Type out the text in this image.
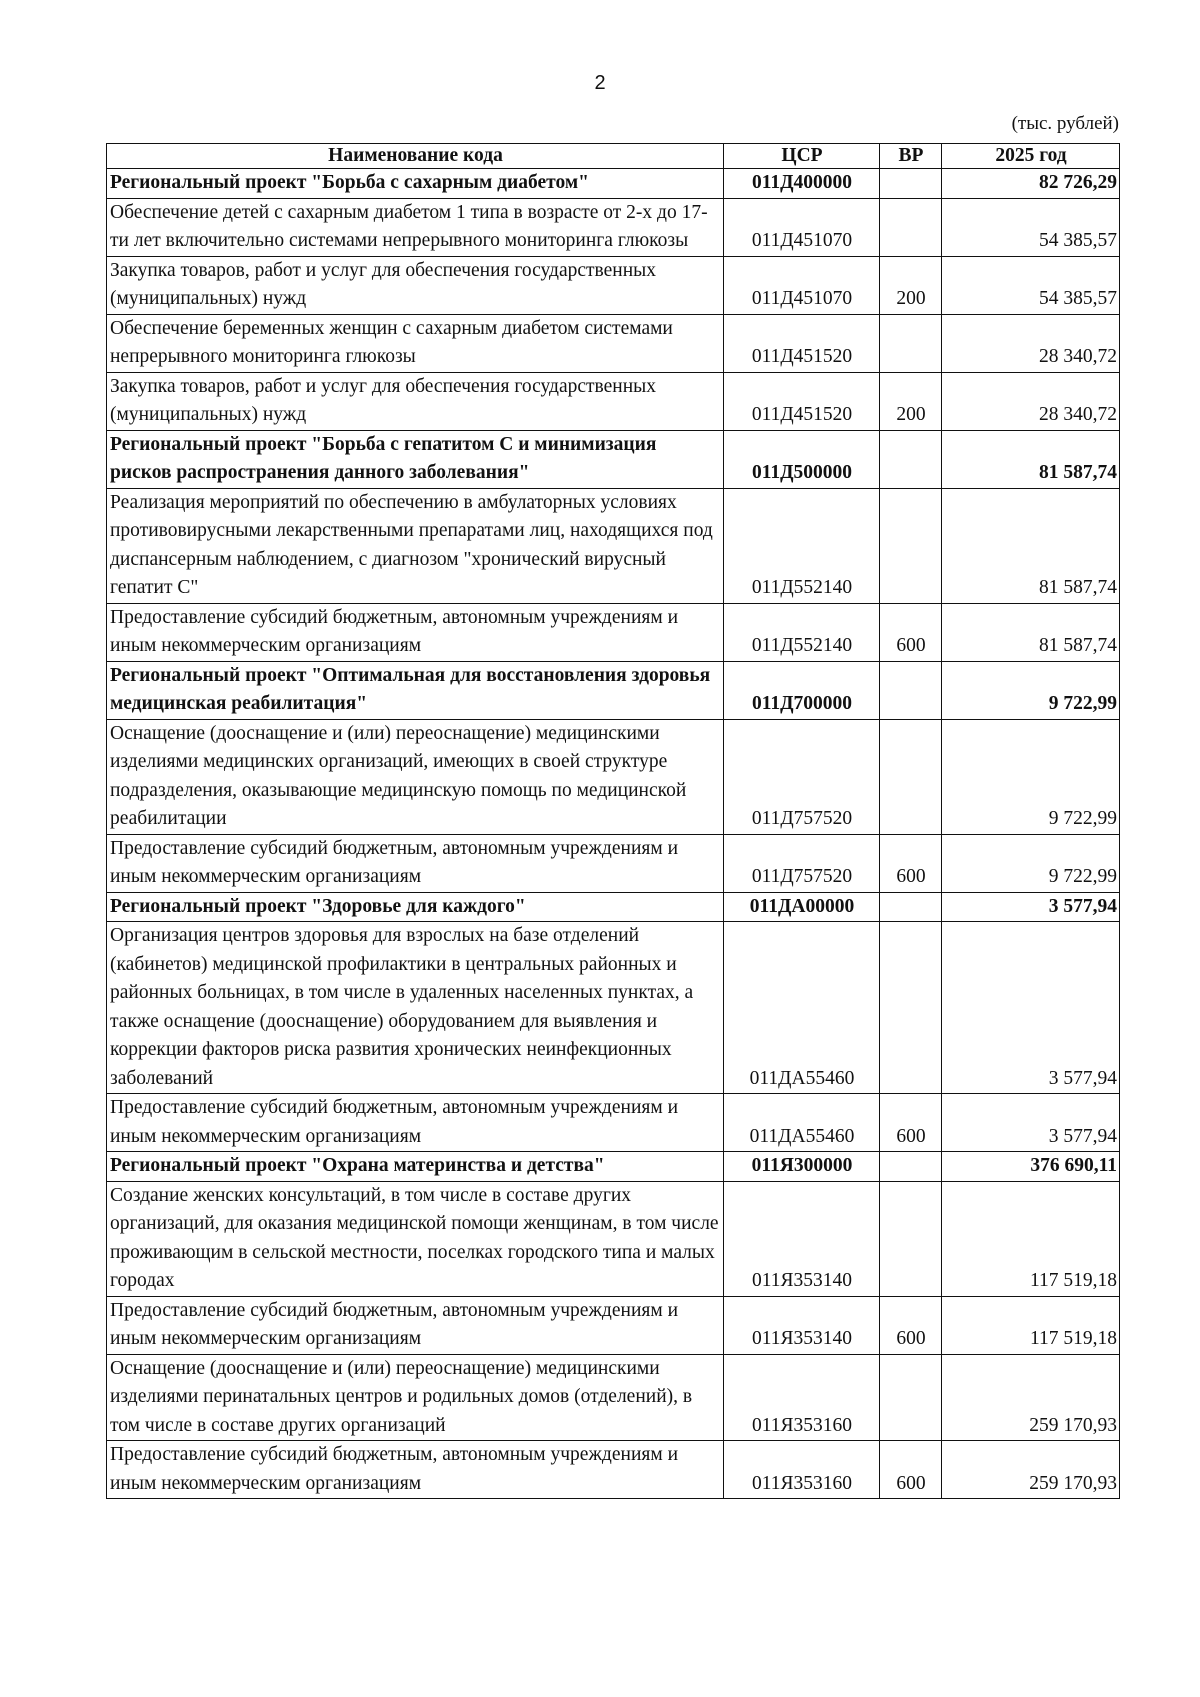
2
(тыс. рублей)
Наименование кода	ЦСР	ВР	2025 год
Региональный проект "Борьба с сахарным диабетом"	011Д400000		82 726,29
Обеспечение детей с сахарным диабетом 1 типа в возрасте от 2-х до 17-ти лет включительно системами непрерывного мониторинга глюкозы	011Д451070		54 385,57
Закупка товаров, работ и услуг для обеспечения государственных (муниципальных) нужд	011Д451070	200	54 385,57
Обеспечение беременных женщин с сахарным диабетом системами непрерывного мониторинга глюкозы	011Д451520		28 340,72
Закупка товаров, работ и услуг для обеспечения государственных (муниципальных) нужд	011Д451520	200	28 340,72
Региональный проект "Борьба с гепатитом С и минимизация рисков распространения данного заболевания"	011Д500000		81 587,74
Реализация мероприятий по обеспечению в амбулаторных условиях противовирусными лекарственными препаратами лиц, находящихся под диспансерным наблюдением, с диагнозом "хронический вирусный гепатит С"	011Д552140		81 587,74
Предоставление субсидий бюджетным, автономным учреждениям и иным некоммерческим организациям	011Д552140	600	81 587,74
Региональный проект "Оптимальная для восстановления здоровья медицинская реабилитация"	011Д700000		9 722,99
Оснащение (дооснащение и (или) переоснащение) медицинскими изделиями медицинских организаций, имеющих в своей структуре подразделения, оказывающие медицинскую помощь по медицинской реабилитации	011Д757520		9 722,99
Предоставление субсидий бюджетным, автономным учреждениям и иным некоммерческим организациям	011Д757520	600	9 722,99
Региональный проект "Здоровье для каждого"	011ДА00000		3 577,94
Организация центров здоровья для взрослых на базе отделений (кабинетов) медицинской профилактики в центральных районных и районных больницах, в том числе в удаленных населенных пунктах, а также оснащение (дооснащение) оборудованием для выявления и коррекции факторов риска развития хронических неинфекционных заболеваний	011ДА55460		3 577,94
Предоставление субсидий бюджетным, автономным учреждениям и иным некоммерческим организациям	011ДА55460	600	3 577,94
Региональный проект "Охрана материнства и детства"	011Я300000		376 690,11
Создание женских консультаций, в том числе в составе других организаций, для оказания медицинской помощи женщинам, в том числе проживающим в сельской местности, поселках городского типа и малых городах	011Я353140		117 519,18
Предоставление субсидий бюджетным, автономным учреждениям и иным некоммерческим организациям	011Я353140	600	117 519,18
Оснащение (дооснащение и (или) переоснащение) медицинскими изделиями перинатальных центров и родильных домов (отделений), в том числе в составе других организаций	011Я353160		259 170,93
Предоставление субсидий бюджетным, автономным учреждениям и иным некоммерческим организациям	011Я353160	600	259 170,93
